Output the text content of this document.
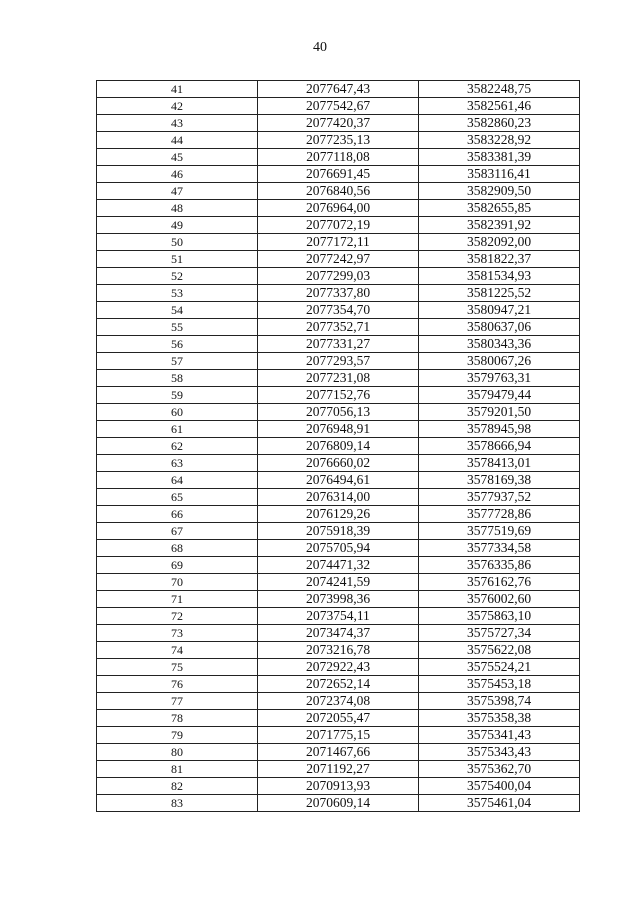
40
41	2077647,43	3582248,75
42	2077542,67	3582561,46
43	2077420,37	3582860,23
44	2077235,13	3583228,92
45	2077118,08	3583381,39
46	2076691,45	3583116,41
47	2076840,56	3582909,50
48	2076964,00	3582655,85
49	2077072,19	3582391,92
50	2077172,11	3582092,00
51	2077242,97	3581822,37
52	2077299,03	3581534,93
53	2077337,80	3581225,52
54	2077354,70	3580947,21
55	2077352,71	3580637,06
56	2077331,27	3580343,36
57	2077293,57	3580067,26
58	2077231,08	3579763,31
59	2077152,76	3579479,44
60	2077056,13	3579201,50
61	2076948,91	3578945,98
62	2076809,14	3578666,94
63	2076660,02	3578413,01
64	2076494,61	3578169,38
65	2076314,00	3577937,52
66	2076129,26	3577728,86
67	2075918,39	3577519,69
68	2075705,94	3577334,58
69	2074471,32	3576335,86
70	2074241,59	3576162,76
71	2073998,36	3576002,60
72	2073754,11	3575863,10
73	2073474,37	3575727,34
74	2073216,78	3575622,08
75	2072922,43	3575524,21
76	2072652,14	3575453,18
77	2072374,08	3575398,74
78	2072055,47	3575358,38
79	2071775,15	3575341,43
80	2071467,66	3575343,43
81	2071192,27	3575362,70
82	2070913,93	3575400,04
83	2070609,14	3575461,04
